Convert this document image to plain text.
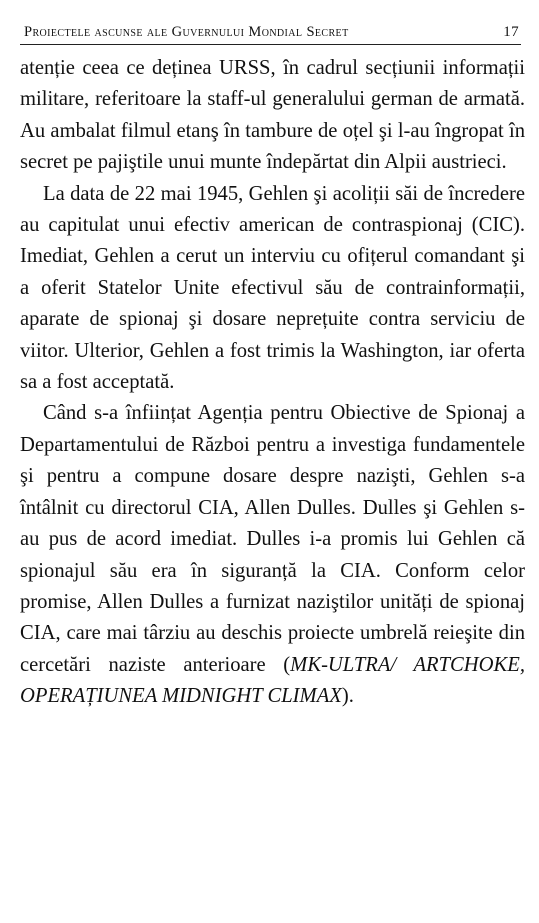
Proiectele ascunse ale Guvernului Mondial Secret	17

atenție ceea ce deținea URSS, în cadrul secțiunii informații militare, referitoare la staff-ul generalului german de armată. Au ambalat filmul etanş în tambure de oțel şi l-au îngropat în secret pe pajiştile unui munte îndepărtat din Alpii austrieci.

La data de 22 mai 1945, Gehlen şi acoliții săi de încredere au capitulat unui efectiv american de contraspionaj (CIC). Imediat, Gehlen a cerut un interviu cu ofițerul comandant şi a oferit Statelor Unite efectivul său de contrainformații, aparate de spionaj şi dosare neprețuite contra serviciu de viitor. Ulterior, Gehlen a fost trimis la Washington, iar oferta sa a fost acceptată.

Când s-a înființat Agenția pentru Obiective de Spionaj a Departamentului de Război pentru a investiga fundamentele şi pentru a compune dosare despre nazişti, Gehlen s-a întâlnit cu directorul CIA, Allen Dulles. Dulles şi Gehlen s-au pus de acord imediat. Dulles i-a promis lui Gehlen că spionajul său era în siguranță la CIA. Conform celor promise, Allen Dulles a furnizat naziştilor unități de spionaj CIA, care mai târziu au deschis proiecte umbrelă reieşite din cercetări naziste anterioare (MK-ULTRA/ ARTCHOKE, OPERAȚIUNEA MIDNIGHT CLIMAX).
